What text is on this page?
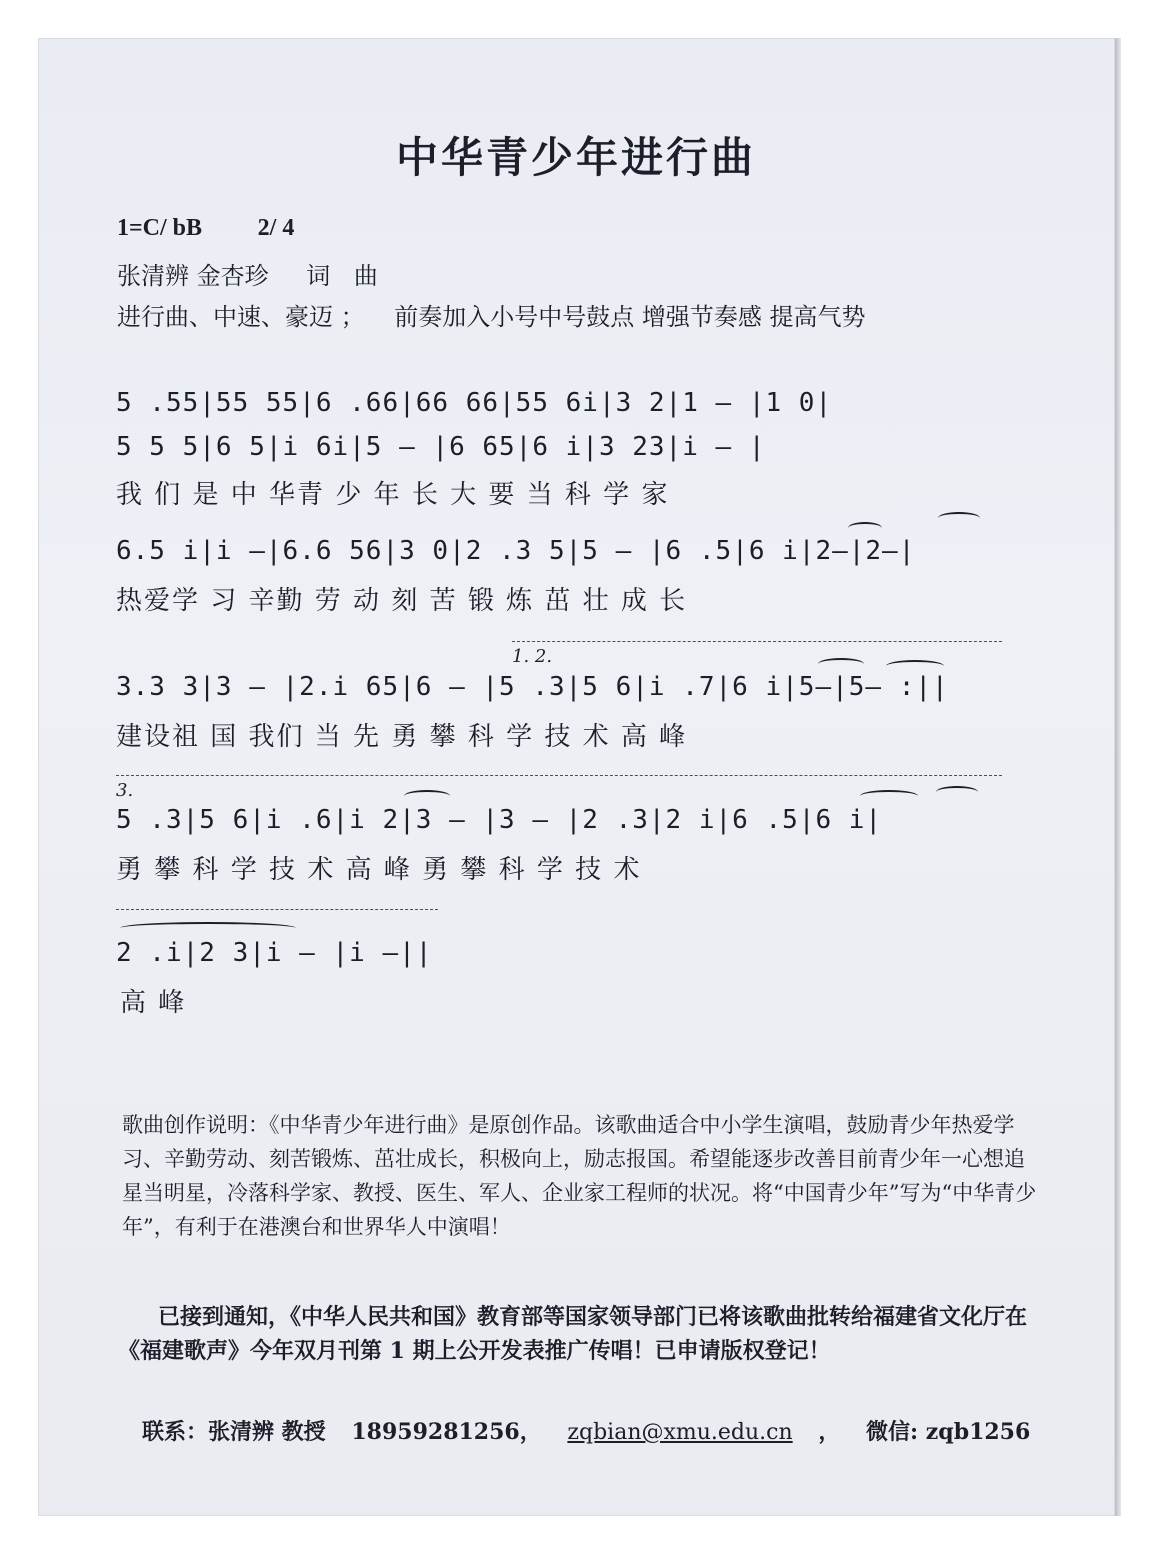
中华青少年进行曲
1=C/ bB 2/ 4
张清辨 金杏珍 词 曲
进行曲、中速、豪迈 ； 前奏加入小号中号鼓点 增强节奏感 提高气势
5 .55|55 55|6 .66|66 66|55 6i|3 2|1 — |1 0|
5 5 5|6 5|i 6i|5 — |6 65|6 i|3 23|i — |
我 们 是 中 华青 少 年 长 大 要 当 科 学 家
6.5 i|i —|6.6 56|3 0|2 .3 5|5 — |6 .5|6 i|2—|2—|
热爱学 习 辛勤 劳 动 刻 苦 锻 炼 茁 壮 成 长
1. 2.
3.3 3|3 — |2.i 65|6 — |5 .3|5 6|i .7|6 i|5—|5— :||
建设祖 国 我们 当 先 勇 攀 科 学 技 术 高 峰
3.
5 .3|5 6|i .6|i 2|3 — |3 — |2 .3|2 i|6 .5|6 i|
勇 攀 科 学 技 术 高 峰 勇 攀 科 学 技 术
2 .i|2 3|i — |i —||
高 峰
歌曲创作说明：《中华青少年进行曲》是原创作品。该歌曲适合中小学生演唱，鼓励青少年热爱学习、辛勤劳动、刻苦锻炼、茁壮成长，积极向上，励志报国。希望能逐步改善目前青少年一心想追星当明星，冷落科学家、教授、医生、军人、企业家工程师的状况。将“中国青少年”写为“中华青少年”，有利于在港澳台和世界华人中演唱！
已接到通知，《中华人民共和国》教育部等国家领导部门已将该歌曲批转给福建省文化厅在《福建歌声》今年双月刊第 1 期上公开发表推广传唱！已申请版权登记！
联系：张清辨 教授 18959281256， zqbian@xmu.edu.cn ， 微信: zqb1256
